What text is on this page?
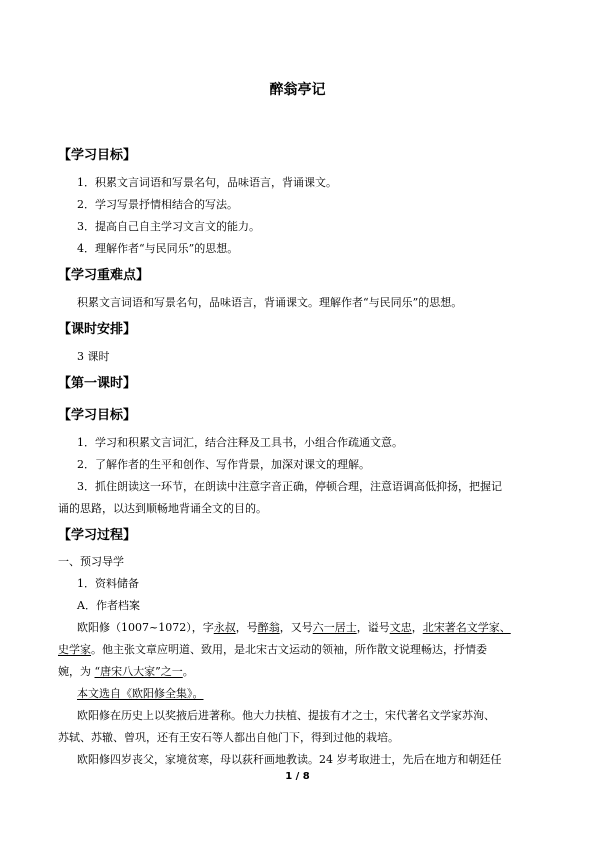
醉翁亭记
【学习目标】
1．积累文言词语和写景名句，品味语言，背诵课文。
2．学习写景抒情相结合的写法。
3．提高自己自主学习文言文的能力。
4．理解作者“与民同乐”的思想。
【学习重难点】
积累文言词语和写景名句，品味语言，背诵课文。理解作者“与民同乐”的思想。
【课时安排】
3 课时
【第一课时】
【学习目标】
1．学习和积累文言词汇，结合注释及工具书，小组合作疏通文意。
2．了解作者的生平和创作、写作背景，加深对课文的理解。
3．抓住朗读这一环节，在朗读中注意字音正确，停顿合理，注意语调高低抑扬，把握记
诵的思路，以达到顺畅地背诵全文的目的。
【学习过程】
一、预习导学
1．资料储备
A．作者档案
欧阳修（1007~1072），字永叔，号醉翁，又号六一居士，谥号文忠，北宋著名文学家、
史学家。他主张文章应明道、致用，是北宋古文运动的领袖，所作散文说理畅达，抒情委
婉，为 “唐宋八大家”之一。
本文选自《欧阳修全集》。
欧阳修在历史上以奖掖后进著称。他大力扶植、提拔有才之士，宋代著名文学家苏洵、
苏轼、苏辙、曾巩，还有王安石等人都出自他门下，得到过他的栽培。
欧阳修四岁丧父，家境贫寒，母以荻秆画地教读。24 岁考取进士，先后在地方和朝廷任
1 / 8
